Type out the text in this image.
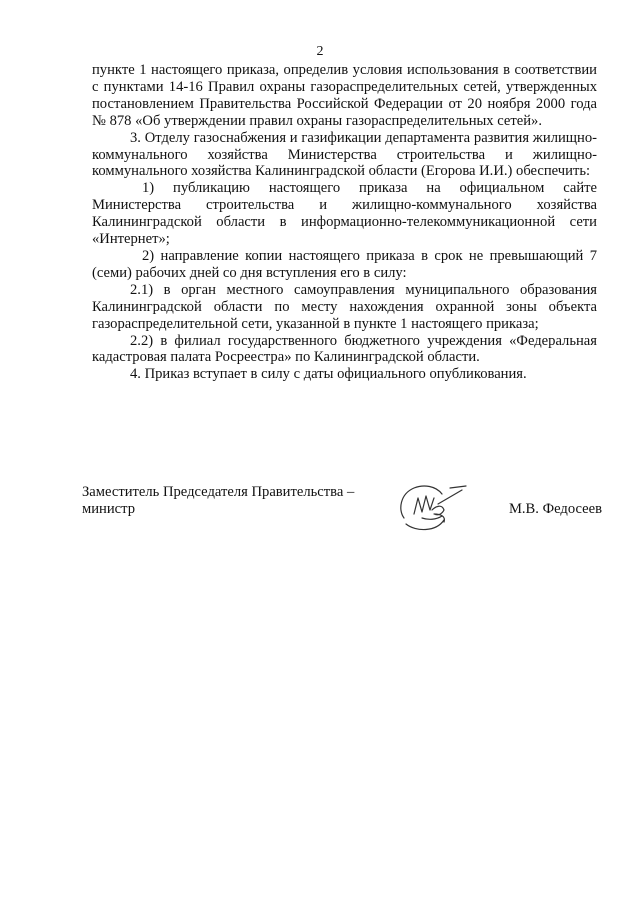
2

пункте 1 настоящего приказа, определив условия использования в соответствии с пунктами 14-16 Правил охраны газораспределительных сетей, утвержденных постановлением Правительства Российской Федерации от 20 ноября 2000 года № 878 «Об утверждении правил охраны газораспределительных сетей».

3. Отделу газоснабжения и газификации департамента развития жилищно-коммунального хозяйства Министерства строительства и жилищно-коммунального хозяйства Калининградской области (Егорова И.И.) обеспечить:

1) публикацию настоящего приказа на официальном сайте Министерства строительства и жилищно-коммунального хозяйства Калининградской области в информационно-телекоммуникационной сети «Интернет»;

2) направление копии настоящего приказа в срок не превышающий 7 (семи) рабочих дней со дня вступления его в силу:

2.1) в орган местного самоуправления муниципального образования Калининградской области по месту нахождения охранной зоны объекта газораспределительной сети, указанной в пункте 1 настоящего приказа;

2.2) в филиал государственного бюджетного учреждения «Федеральная кадастровая палата Росреестра» по Калининградской области.

4. Приказ вступает в силу с даты официального опубликования.

Заместитель Председателя Правительства – министр	М.В. Федосеев
